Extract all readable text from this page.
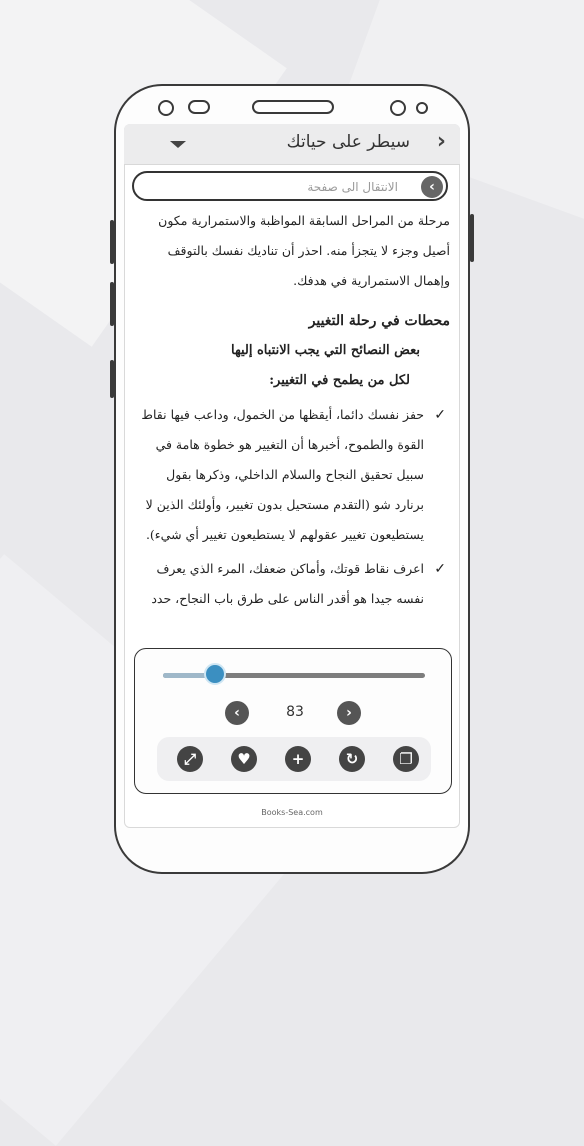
›
سيطر على حياتك
الانتقال الى صفحة
‹

مرحلة من المراحل السابقة المواظبة والاستمرارية مكون أصيل وجزء لا يتجزأ منه. احذر أن تناديك نفسك بالتوقف وإهمال الاستمرارية في هدفك.

محطات في رحلة التغيير

بعض النصائح التي يجب الانتباه إليها

لكل من يطمح في التغيير:

✓
حفز نفسك دائما، أيقظها من الخمول، وداعب فيها نقاط القوة والطموح، أخبرها أن التغيير هو خطوة هامة في سبيل تحقيق النجاح والسلام الداخلي، وذكرها بقول برنارد شو (التقدم مستحيل بدون تغيير، وأولئك الذين لا يستطيعون تغيير عقولهم لا يستطيعون تغيير أي شيء).
✓
اعرف نقاط قوتك، وأماكن ضعفك، المرء الذي يعرف نفسه جيدا هو أقدر الناس على طرق باب النجاح، حدد
‹	83	›
⤢	♥	+	↻	❐
Books-Sea.com
